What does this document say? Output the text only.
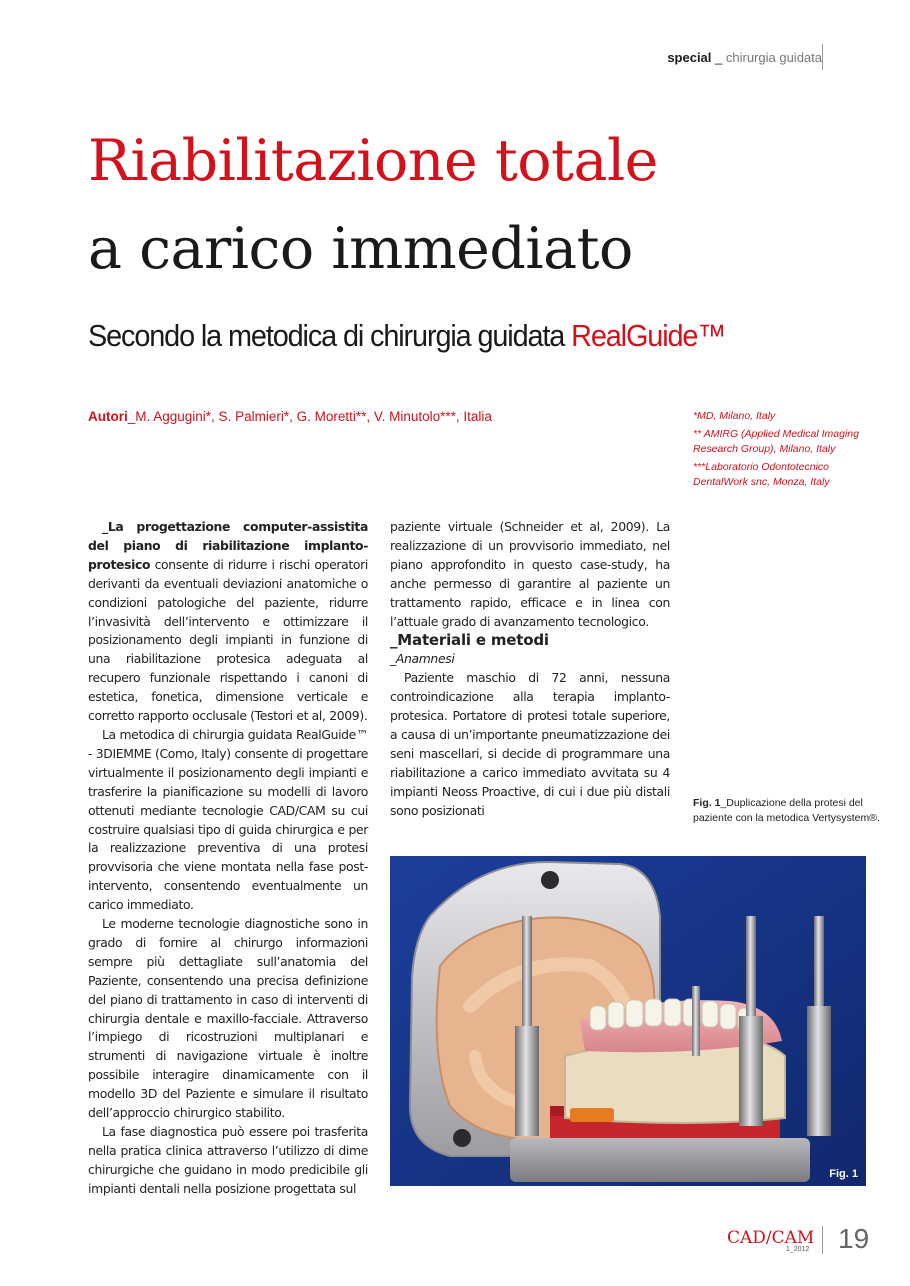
special _ chirurgia guidata
Riabilitazione totale
a carico immediato
Secondo la metodica di chirurgia guidata RealGuide™
Autori_M. Aggugini*, S. Palmieri*, G. Moretti**, V. Minutolo***, Italia	*MD, Milano, Italy

** AMIRG (Applied Medical Imaging Research Group), Milano, Italy

***Laboratorio Odontotecnico DentalWork snc, Monza, Italy

_La progettazione computer-assistita del piano di riabilitazione implanto-protesico consente di ridurre i rischi operatori derivanti da eventuali deviazioni anatomiche o condizioni patologiche del paziente, ridurre l’invasività dell’intervento e ottimizzare il posizionamento degli impianti in funzione di una riabilitazione protesica adeguata al recupero funzionale rispettando i canoni di estetica, fonetica, dimensione verticale e corretto rapporto occlusale (Testori et al, 2009).

La metodica di chirurgia guidata RealGuide™ - 3DIEMME (Como, Italy) consente di progettare virtualmente il posizionamento degli impianti e trasferire la pianificazione su modelli di lavoro ottenuti mediante tecnologie CAD/CAM su cui costruire qualsiasi tipo di guida chirurgica e per la realizzazione preventiva di una protesi provvisoria che viene montata nella fase post-intervento, consentendo eventualmente un carico immediato.

Le moderne tecnologie diagnostiche sono in grado di fornire al chirurgo informazioni sempre più dettagliate sull’anatomia del Paziente, consentendo una precisa definizione del piano di trattamento in caso di interventi di chirurgia dentale e maxillo-facciale. Attraverso l’impiego di ricostruzioni multiplanari e strumenti di navigazione virtuale è inoltre possibile interagire dinamicamente con il modello 3D del Paziente e simulare il risultato dell’approccio chirurgico stabilito.

La fase diagnostica può essere poi trasferita nella pratica clinica attraverso l’utilizzo di dime chirurgiche che guidano in modo predicibile gli impianti dentali nella posizione progettata sul

paziente virtuale (Schneider et al, 2009). La realizzazione di un provvisorio immediato, nel piano approfondito in questo case-study, ha anche permesso di garantire al paziente un trattamento rapido, efficace e in linea con l’attuale grado di avanzamento tecnologico.

_Materiali e metodi

_Anamnesi

Paziente maschio di 72 anni, nessuna controindicazione alla terapia implanto-protesica. Portatore di protesi totale superiore, a causa di un’importante pneumatizzazione dei seni mascellari, si decide di programmare una riabilitazione a carico immediato avvitata su 4 impianti Neoss Proactive, di cui i due più distali sono posizionati	Fig. 1_Duplicazione della protesi del paziente con la metodica Vertysystem®.
Fig. 1
CAD/CAM
1_2012 19
